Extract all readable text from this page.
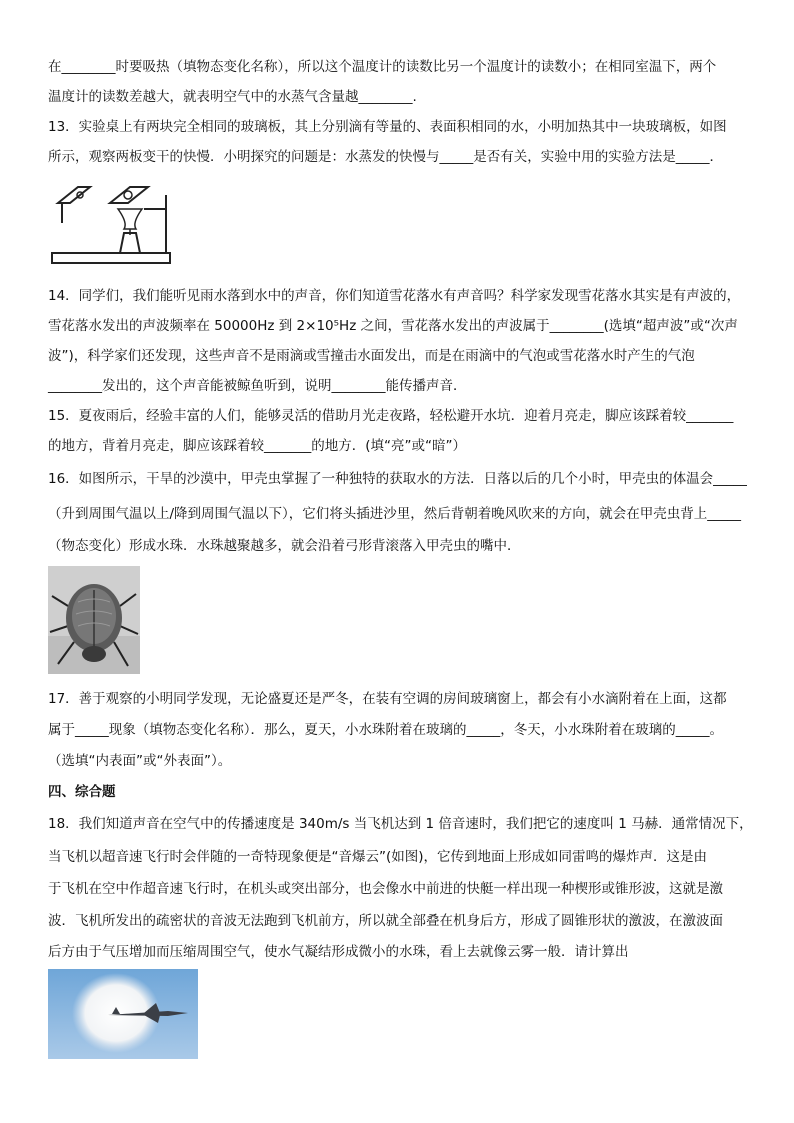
在________时要吸热（填物态变化名称），所以这个温度计的读数比另一个温度计的读数小；在相同室温下，两个
温度计的读数差越大，就表明空气中的水蒸气含量越________.
13．实验桌上有两块完全相同的玻璃板，其上分别滴有等量的、表面积相同的水，小明加热其中一块玻璃板，如图
所示，观察两板变干的快慢．小明探究的问题是：水蒸发的快慢与_____是否有关，实验中用的实验方法是_____．
14．同学们，我们能听见雨水落到水中的声音，你们知道雪花落水有声音吗？科学家发现雪花落水其实是有声波的，
雪花落水发出的声波频率在 50000Hz 到 2×10⁵Hz 之间，雪花落水发出的声波属于________(选填“超声波”或“次声
波”)，科学家们还发现，这些声音不是雨滴或雪撞击水面发出，而是在雨滴中的气泡或雪花落水时产生的气泡
________发出的，这个声音能被鲸鱼听到，说明________能传播声音．
15．夏夜雨后，经验丰富的人们，能够灵活的借助月光走夜路，轻松避开水坑．迎着月亮走，脚应该踩着较_______
的地方，背着月亮走，脚应该踩着较_______的地方．(填“亮”或“暗”）
16．如图所示，干旱的沙漠中，甲壳虫掌握了一种独特的获取水的方法．日落以后的几个小时，甲壳虫的体温会_____
（升到周围气温以上/降到周围气温以下），它们将头插进沙里，然后背朝着晚风吹来的方向，就会在甲壳虫背上_____
（物态变化）形成水珠．水珠越聚越多，就会沿着弓形背滚落入甲壳虫的嘴中．
17．善于观察的小明同学发现，无论盛夏还是严冬，在装有空调的房间玻璃窗上，都会有小水滴附着在上面，这都
属于_____现象（填物态变化名称）．那么，夏天，小水珠附着在玻璃的_____，冬天，小水珠附着在玻璃的_____。
（选填“内表面”或“外表面”）。
四、综合题
18．我们知道声音在空气中的传播速度是 340m/s 当飞机达到 1 倍音速时，我们把它的速度叫 1 马赫．通常情况下，
当飞机以超音速飞行时会伴随的一奇特现象便是“音爆云”(如图)，它传到地面上形成如同雷鸣的爆炸声．这是由
于飞机在空中作超音速飞行时，在机头或突出部分，也会像水中前进的快艇一样出现一种楔形或锥形波，这就是激
波．飞机所发出的疏密状的音波无法跑到飞机前方，所以就全部叠在机身后方，形成了圆锥形状的激波，在激波面
后方由于气压增加而压缩周围空气，使水气凝结形成微小的水珠，看上去就像云雾一般．请计算出
